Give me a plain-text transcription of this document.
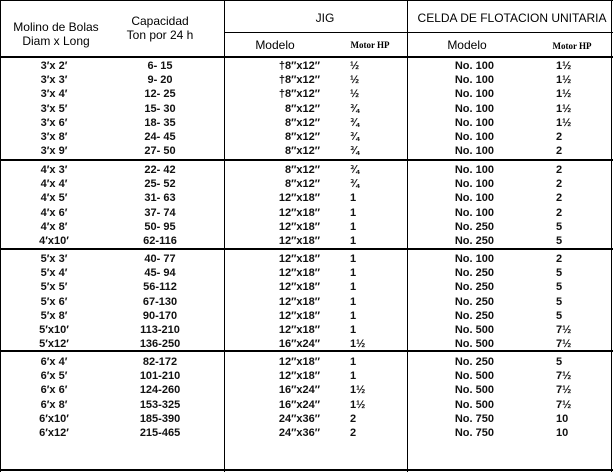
Molino de Bolas
Diam x Long
Capacidad
Ton por 24 h
JIG	CELDA DE FLOTACION UNITARIA
Modelo	Motor HP	Modelo	Motor HP
3′x 2′	6- 15	†8″x12″	½	No. 100	1½
3′x 3′	9- 20	†8″x12″	½	No. 100	1½
3′x 4′	12- 25	†8″x12″	½	No. 100	1½
3′x 5′	15- 30	8″x12″	¾	No. 100	1½
3′x 6′	18- 35	8″x12″	¾	No. 100	1½
3′x 8′	24- 45	8″x12″	¾	No. 100	2
3′x 9′	27- 50	8″x12″	¾	No. 100	2
4′x 3′	22- 42	8″x12″	¾	No. 100	2
4′x 4′	25- 52	8″x12″	¾	No. 100	2
4′x 5′	31- 63	12″x18″	1	No. 100	2
4′x 6′	37- 74	12″x18″	1	No. 100	2
4′x 8′	50- 95	12″x18″	1	No. 250	5
4′x10′	62-116	12″x18″	1	No. 250	5
5′x 3′	40- 77	12″x18″	1	No. 100	2
5′x 4′	45- 94	12″x18″	1	No. 250	5
5′x 5′	56-112	12″x18″	1	No. 250	5
5′x 6′	67-130	12″x18″	1	No. 250	5
5′x 8′	90-170	12″x18″	1	No. 250	5
5′x10′	113-210	12″x18″	1	No. 500	7½
5′x12′	136-250	16″x24″	1½	No. 500	7½
6′x 4′	82-172	12″x18″	1	No. 250	5
6′x 5′	101-210	12″x18″	1	No. 500	7½
6′x 6′	124-260	16″x24″	1½	No. 500	7½
6′x 8′	153-325	16″x24″	1½	No. 500	7½
6′x10′	185-390	24″x36″	2	No. 750	10
6′x12′	215-465	24″x36″	2	No. 750	10
